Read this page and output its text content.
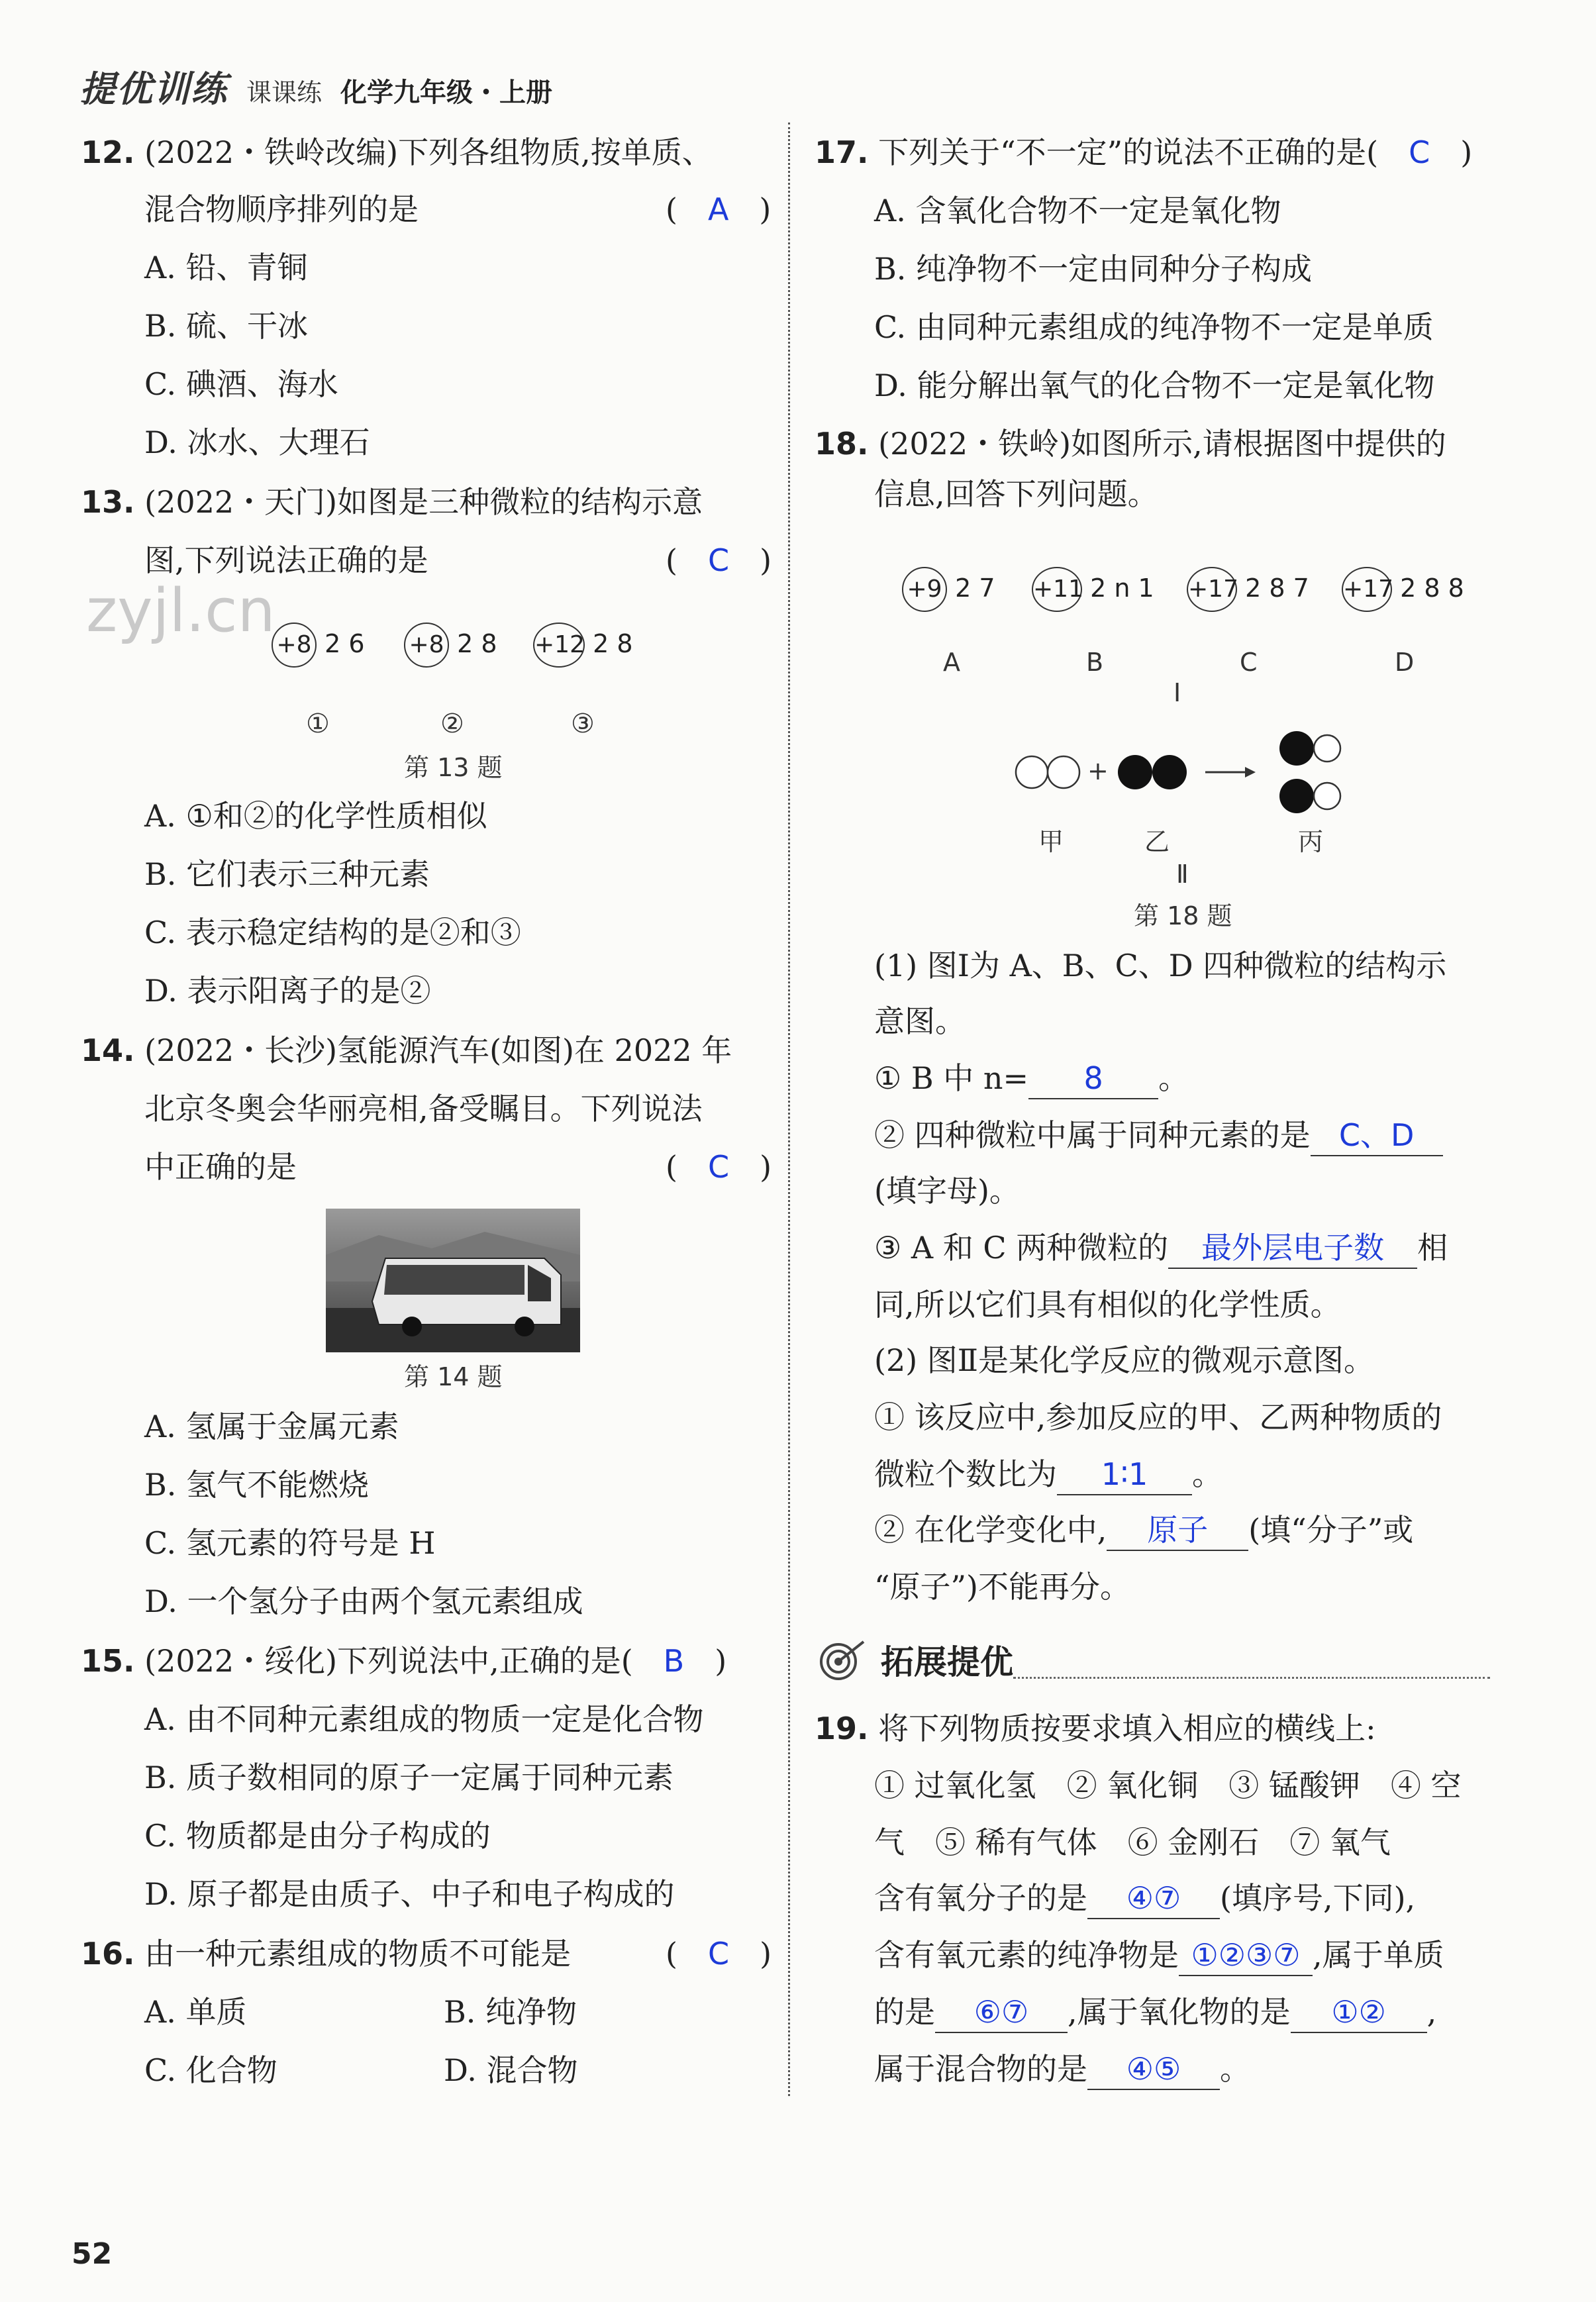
提优训练 课课练 化学九年级・上册
zyjl.cn
12. (2022・铁岭改编)下列各组物质,按单质、
混合物顺序排列的是	(　A　)
A. 铅、青铜
B. 硫、干冰
C. 碘酒、海水
D. 冰水、大理石
13. (2022・天门)如图是三种微粒的结构示意
图,下列说法正确的是	(　C　)
+8 2 6 +8 2 8 +12 2 8
①	②	③
第 13 题
A. ①和②的化学性质相似
B. 它们表示三种元素
C. 表示稳定结构的是②和③
D. 表示阳离子的是②
14. (2022・长沙)氢能源汽车(如图)在 2022 年
北京冬奥会华丽亮相,备受瞩目。下列说法
中正确的是	(　C　)
第 14 题
A. 氢属于金属元素
B. 氢气不能燃烧
C. 氢元素的符号是 H
D. 一个氢分子由两个氢元素组成
15. (2022・绥化)下列说法中,正确的是(　B　)
A. 由不同种元素组成的物质一定是化合物
B. 质子数相同的原子一定属于同种元素
C. 物质都是由分子构成的
D. 原子都是由质子、中子和电子构成的
16. 由一种元素组成的物质不可能是	(　C　)
A. 单质	B. 纯净物
C. 化合物	D. 混合物
17. 下列关于“不一定”的说法不正确的是(　C　)
A. 含氧化合物不一定是氧化物
B. 纯净物不一定由同种分子构成
C. 由同种元素组成的纯净物不一定是单质
D. 能分解出氧气的化合物不一定是氧化物
18. (2022・铁岭)如图所示,请根据图中提供的
信息,回答下列问题。
+9 2 7 +11 2 n 1 +17 2 8 7 +17 2 8 8
A	B	C	D
Ⅰ
+
甲	乙	丙
Ⅱ
第 18 题
(1) 图Ⅰ为 A、B、C、D 四种微粒的结构示
意图。
① B 中 n= 8 。
② 四种微粒中属于同种元素的是 C、D
(填字母)。
③ A 和 C 两种微粒的 最外层电子数 相
同,所以它们具有相似的化学性质。
(2) 图Ⅱ是某化学反应的微观示意图。
① 该反应中,参加反应的甲、乙两种物质的
微粒个数比为 1∶1 。
② 在化学变化中, 原子 (填“分子”或
“原子”)不能再分。
拓展提优
19. 将下列物质按要求填入相应的横线上:
① 过氧化氢　② 氧化铜　③ 锰酸钾　④ 空
气　⑤ 稀有气体　⑥ 金刚石　⑦ 氧气
含有氧分子的是 ④⑦ (填序号,下同),
含有氧元素的纯净物是 ①②③⑦ ,属于单质
的是 ⑥⑦ ,属于氧化物的是 ①② ,
属于混合物的是 ④⑤ 。
52
